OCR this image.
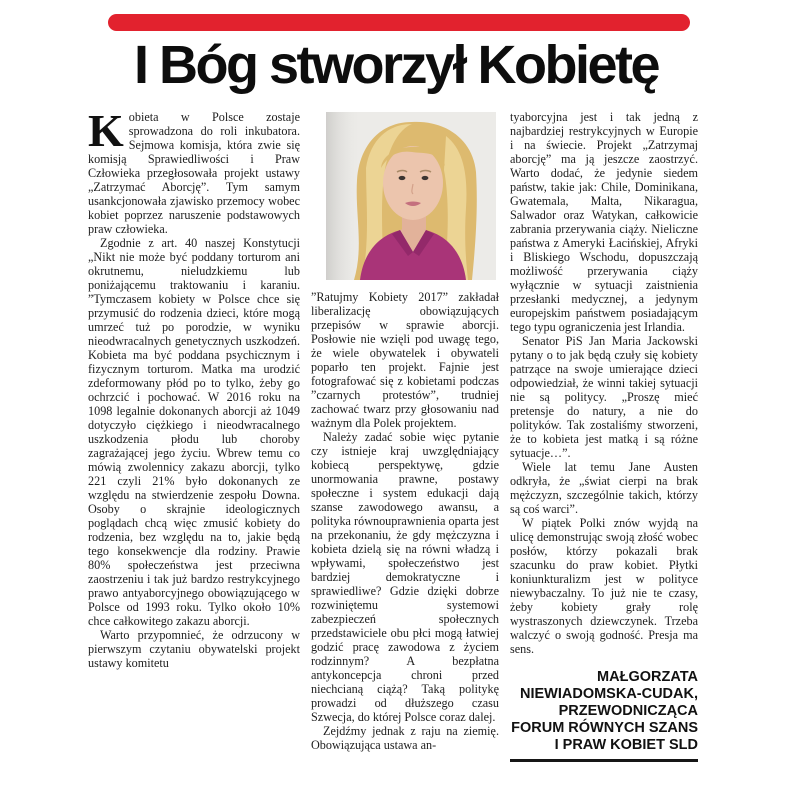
I Bóg stworzył Kobietę

Kobieta w Polsce zostaje sprowadzona do roli inkubatora. Sejmowa komisja, która zwie się komisją Sprawiedliwości i Praw Człowieka przegłosowała projekt ustawy „Zatrzymać Aborcję”. Tym samym usankcjonowała zjawisko przemocy wobec kobiet poprzez naruszenie podstawowych praw człowieka.

Zgodnie z art. 40 naszej Konstytucji „Nikt nie może być poddany torturom ani okrutnemu, nieludzkiemu lub poniżającemu traktowaniu i karaniu. ”Tymczasem kobiety w Polsce chce się przymusić do rodzenia dzieci, które mogą umrzeć tuż po porodzie, w wyniku nieodwracalnych genetycznych uszkodzeń. Kobieta ma być poddana psychicznym i fizycznym torturom. Matka ma urodzić zdeformowany płód po to tylko, żeby go ochrzcić i pochować. W 2016 roku na 1098 legalnie dokonanych aborcji aż 1049 dotyczyło ciężkiego i nieodwracalnego uszkodzenia płodu lub choroby zagrażającej jego życiu. Wbrew temu co mówią zwolennicy zakazu aborcji, tylko 221 czyli 21% było dokonanych ze względu na stwierdzenie zespołu Downa. Osoby o skrajnie ideologicznych poglądach chcą więc zmusić kobiety do rodzenia, bez względu na to, jakie będą tego konsekwencje dla rodziny. Prawie 80% społeczeństwa jest przeciwna zaostrzeniu i tak już bardzo restrykcyjnego prawo antyaborcyjnego obowiązującego w Polsce od 1993 roku. Tylko około 10% chce całkowitego zakazu aborcji.

Warto przypomnieć, że odrzucony w pierwszym czytaniu obywatelski projekt ustawy komitetu

”Ratujmy Kobiety 2017” zakładał liberalizację obowiązujących przepisów w sprawie aborcji. Posłowie nie wzięli pod uwagę tego, że wiele obywatelek i obywateli poparło ten projekt. Fajnie jest fotografować się z kobietami podczas ”czarnych protestów”, trudniej zachować twarz przy głosowaniu nad ważnym dla Polek projektem.

Należy zadać sobie więc pytanie czy istnieje kraj uwzględniający kobiecą perspektywę, gdzie unormowania prawne, postawy społeczne i system edukacji dają szanse zawodowego awansu, a polityka równouprawnienia oparta jest na przekonaniu, że gdy mężczyzna i kobieta dzielą się na równi władzą i wpływami, społeczeństwo jest bardziej demokratyczne i sprawiedliwe? Gdzie dzięki dobrze rozwiniętemu systemowi zabezpieczeń społecznych przedstawiciele obu płci mogą łatwiej godzić pracę zawodowa z życiem rodzinnym? A bezpłatna antykoncepcja chroni przed niechcianą ciążą? Taką politykę prowadzi od dłuższego czasu Szwecja, do której Polsce coraz dalej.

Zejdźmy jednak z raju na ziemię. Obowiązująca ustawa an-

tyaborcyjna jest i tak jedną z najbardziej restrykcyjnych w Europie i na świecie. Projekt „Zatrzymaj aborcję” ma ją jeszcze zaostrzyć. Warto dodać, że jedynie siedem państw, takie jak: Chile, Dominikana, Gwatemala, Malta, Nikaragua, Salwador oraz Watykan, całkowicie zabrania przerywania ciąży. Nieliczne państwa z Ameryki Łacińskiej, Afryki i Bliskiego Wschodu, dopuszczają możliwość przerywania ciąży wyłącznie w sytuacji zaistnienia przesłanki medycznej, a jedynym europejskim państwem posiadającym tego typu ograniczenia jest Irlandia.

Senator PiS Jan Maria Jackowski pytany o to jak będą czuły się kobiety patrzące na swoje umierające dzieci odpowiedział, że winni takiej sytuacji nie są politycy. „Proszę mieć pretensje do natury, a nie do polityków. Tak zostaliśmy stworzeni, że to kobieta jest matką i są różne sytuacje…”.

Wiele lat temu Jane Austen odkryła, że „świat cierpi na brak mężczyzn, szczególnie takich, którzy są coś warci”.

W piątek Polki znów wyjdą na ulicę demonstrując swoją złość wobec posłów, którzy pokazali brak szacunku do praw kobiet. Płytki koniunkturalizm jest w polityce niewybaczalny. To już nie te czasy, żeby kobiety grały rolę wystraszonych dziewczynek. Trzeba walczyć o swoją godność. Presja ma sens.

MAŁGORZATA
NIEWIADOMSKA-CUDAK,
PRZEWODNICZĄCA
FORUM RÓWNYCH SZANS
I PRAW KOBIET SLD
